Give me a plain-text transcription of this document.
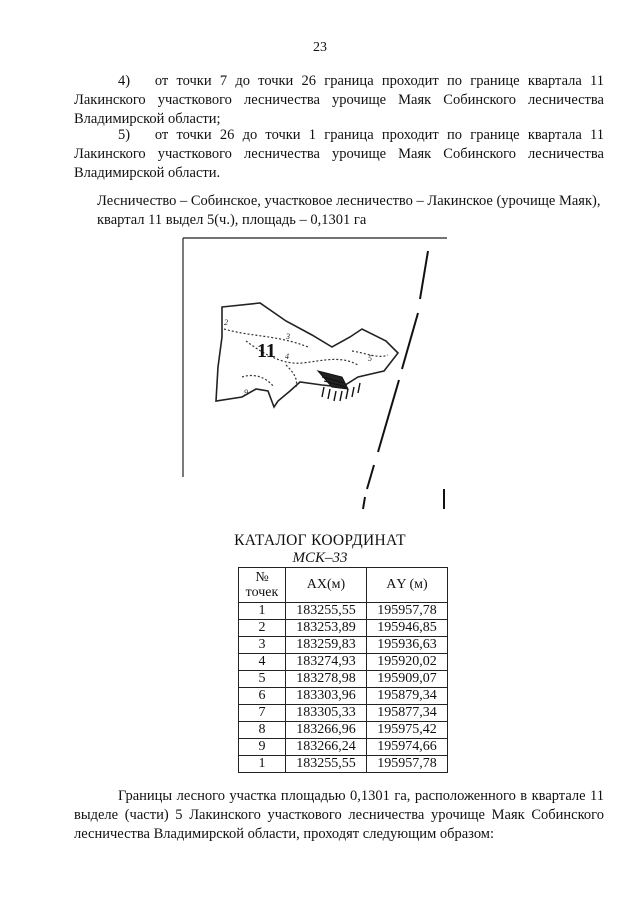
23
4) от точки 7 до точки 26 граница проходит по границе квартала 11 Лакинского участкового лесничества урочище Маяк Собинского лесничества Владимирской области;
5) от точки 26 до точки 1 граница проходит по границе квартала 11 Лакинского участкового лесничества урочище Маяк Собинского лесничества Владимирской области.
Лесничество – Собинское, участковое лесничество – Лакинское (урочище Маяк), квартал 11 выдел 5(ч.), площадь – 0,1301 га
11
2
3
4	5
9
КАТАЛОГ КООРДИНАТ
МСК–33
№
точек	АХ(м)	АY (м)
1	183255,55	195957,78
2	183253,89	195946,85
3	183259,83	195936,63
4	183274,93	195920,02
5	183278,98	195909,07
6	183303,96	195879,34
7	183305,33	195877,34
8	183266,96	195975,42
9	183266,24	195974,66
1	183255,55	195957,78
Границы лесного участка площадью 0,1301 га, расположенного в квартале 11 выделе (части) 5 Лакинского участкового лесничества урочище Маяк Собинского лесничества Владимирской области, проходят следующим образом:
